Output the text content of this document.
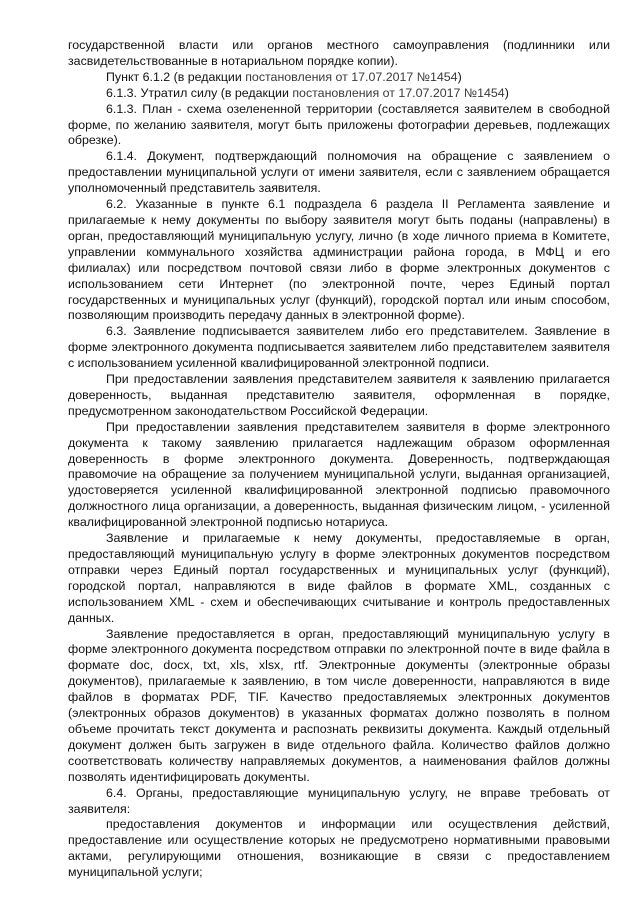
государственной власти или органов местного самоуправления (подлинники или засвидетельствованные в нотариальном порядке копии).

Пункт 6.1.2 (в редакции постановления от 17.07.2017 №1454)

6.1.3. Утратил силу (в редакции постановления от 17.07.2017 №1454)

6.1.3. План - схема озелененной территории (составляется заявителем в свободной форме, по желанию заявителя, могут быть приложены фотографии деревьев, подлежащих обрезке).

6.1.4. Документ, подтверждающий полномочия на обращение с заявлением о предоставлении муниципальной услуги от имени заявителя, если с заявлением обращается уполномоченный представитель заявителя.

6.2. Указанные в пункте 6.1 подраздела 6 раздела II Регламента заявление и прилагаемые к нему документы по выбору заявителя могут быть поданы (направлены) в орган, предоставляющий муниципальную услугу, лично (в ходе личного приема в Комитете, управлении коммунального хозяйства администрации района города, в МФЦ и его филиалах) или посредством почтовой связи либо в форме электронных документов с использованием сети Интернет (по электронной почте, через Единый портал государственных и муниципальных услуг (функций), городской портал или иным способом, позволяющим производить передачу данных в электронной форме).

6.3. Заявление подписывается заявителем либо его представителем. Заявление в форме электронного документа подписывается заявителем либо представителем заявителя с использованием усиленной квалифицированной электронной подписи.

При предоставлении заявления представителем заявителя к заявлению прилагается доверенность, выданная представителю заявителя, оформленная в порядке, предусмотренном законодательством Российской Федерации.

При предоставлении заявления представителем заявителя в форме электронного документа к такому заявлению прилагается надлежащим образом оформленная доверенность в форме электронного документа. Доверенность, подтверждающая правомочие на обращение за получением муниципальной услуги, выданная организацией, удостоверяется усиленной квалифицированной электронной подписью правомочного должностного лица организации, а доверенность, выданная физическим лицом, - усиленной квалифицированной электронной подписью нотариуса.

Заявление и прилагаемые к нему документы, предоставляемые в орган, предоставляющий муниципальную услугу в форме электронных документов посредством отправки через Единый портал государственных и муниципальных услуг (функций), городской портал, направляются в виде файлов в формате XML, созданных с использованием XML - схем и обеспечивающих считывание и контроль предоставленных данных.

Заявление предоставляется в орган, предоставляющий муниципальную услугу в форме электронного документа посредством отправки по электронной почте в виде файла в формате doc, docx, txt, xls, xlsx, rtf. Электронные документы (электронные образы документов), прилагаемые к заявлению, в том числе доверенности, направляются в виде файлов в форматах PDF, TIF. Качество предоставляемых электронных документов (электронных образов документов) в указанных форматах должно позволять в полном объеме прочитать текст документа и распознать реквизиты документа. Каждый отдельный документ должен быть загружен в виде отдельного файла. Количество файлов должно соответствовать количеству направляемых документов, а наименования файлов должны позволять идентифицировать документы.

6.4. Органы, предоставляющие муниципальную услугу, не вправе требовать от заявителя:

предоставления документов и информации или осуществления действий, предоставление или осуществление которых не предусмотрено нормативными правовыми актами, регулирующими отношения, возникающие в связи с предоставлением муниципальной услуги;
